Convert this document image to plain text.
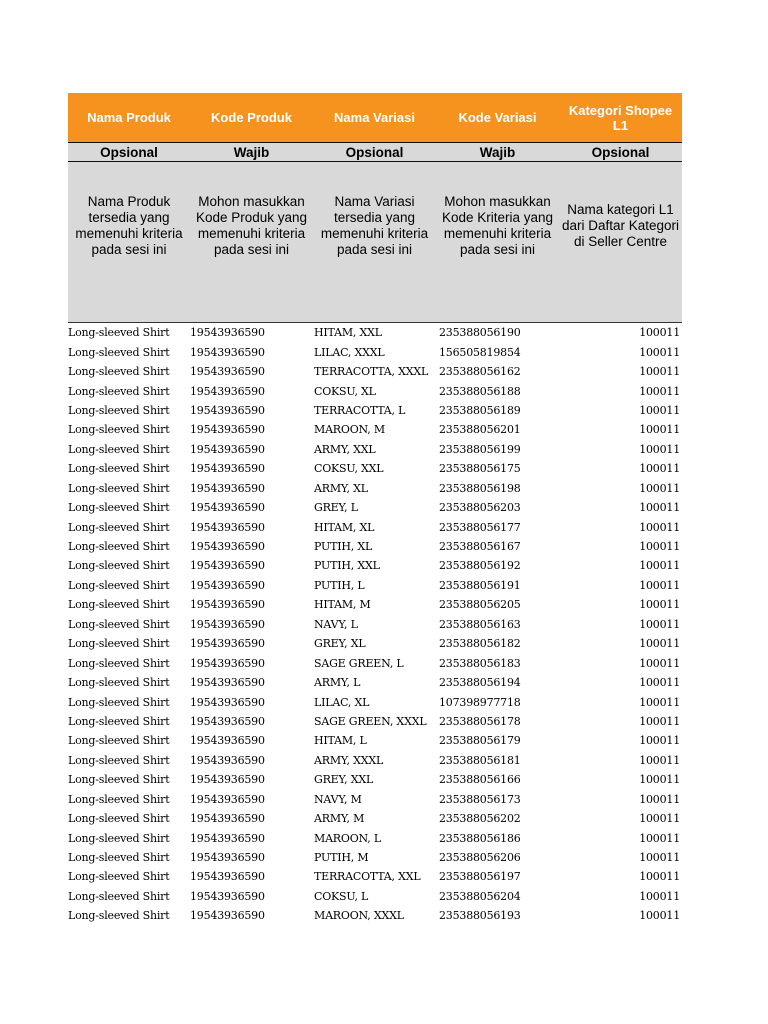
Nama Produk	Kode Produk	Nama Variasi	Kode Variasi	Kategori Shopee L1
Opsional	Wajib	Opsional	Wajib	Opsional
Nama Produk tersedia yang memenuhi kriteria pada sesi ini	Mohon masukkan Kode Produk yang memenuhi kriteria pada sesi ini	Nama Variasi tersedia yang memenuhi kriteria pada sesi ini	Mohon masukkan Kode Kriteria yang memenuhi kriteria pada sesi ini	Nama kategori L1 dari Daftar Kategori di Seller Centre
Long-sleeved Shirt	19543936590	HITAM, XXL	235388056190	100011
Long-sleeved Shirt	19543936590	LILAC, XXXL	156505819854	100011
Long-sleeved Shirt	19543936590	TERRACOTTA, XXXL	235388056162	100011
Long-sleeved Shirt	19543936590	COKSU, XL	235388056188	100011
Long-sleeved Shirt	19543936590	TERRACOTTA, L	235388056189	100011
Long-sleeved Shirt	19543936590	MAROON, M	235388056201	100011
Long-sleeved Shirt	19543936590	ARMY, XXL	235388056199	100011
Long-sleeved Shirt	19543936590	COKSU, XXL	235388056175	100011
Long-sleeved Shirt	19543936590	ARMY, XL	235388056198	100011
Long-sleeved Shirt	19543936590	GREY, L	235388056203	100011
Long-sleeved Shirt	19543936590	HITAM, XL	235388056177	100011
Long-sleeved Shirt	19543936590	PUTIH, XL	235388056167	100011
Long-sleeved Shirt	19543936590	PUTIH, XXL	235388056192	100011
Long-sleeved Shirt	19543936590	PUTIH, L	235388056191	100011
Long-sleeved Shirt	19543936590	HITAM, M	235388056205	100011
Long-sleeved Shirt	19543936590	NAVY, L	235388056163	100011
Long-sleeved Shirt	19543936590	GREY, XL	235388056182	100011
Long-sleeved Shirt	19543936590	SAGE GREEN, L	235388056183	100011
Long-sleeved Shirt	19543936590	ARMY, L	235388056194	100011
Long-sleeved Shirt	19543936590	LILAC, XL	107398977718	100011
Long-sleeved Shirt	19543936590	SAGE GREEN, XXXL	235388056178	100011
Long-sleeved Shirt	19543936590	HITAM, L	235388056179	100011
Long-sleeved Shirt	19543936590	ARMY, XXXL	235388056181	100011
Long-sleeved Shirt	19543936590	GREY, XXL	235388056166	100011
Long-sleeved Shirt	19543936590	NAVY, M	235388056173	100011
Long-sleeved Shirt	19543936590	ARMY, M	235388056202	100011
Long-sleeved Shirt	19543936590	MAROON, L	235388056186	100011
Long-sleeved Shirt	19543936590	PUTIH, M	235388056206	100011
Long-sleeved Shirt	19543936590	TERRACOTTA, XXL	235388056197	100011
Long-sleeved Shirt	19543936590	COKSU, L	235388056204	100011
Long-sleeved Shirt	19543936590	MAROON, XXXL	235388056193	100011
